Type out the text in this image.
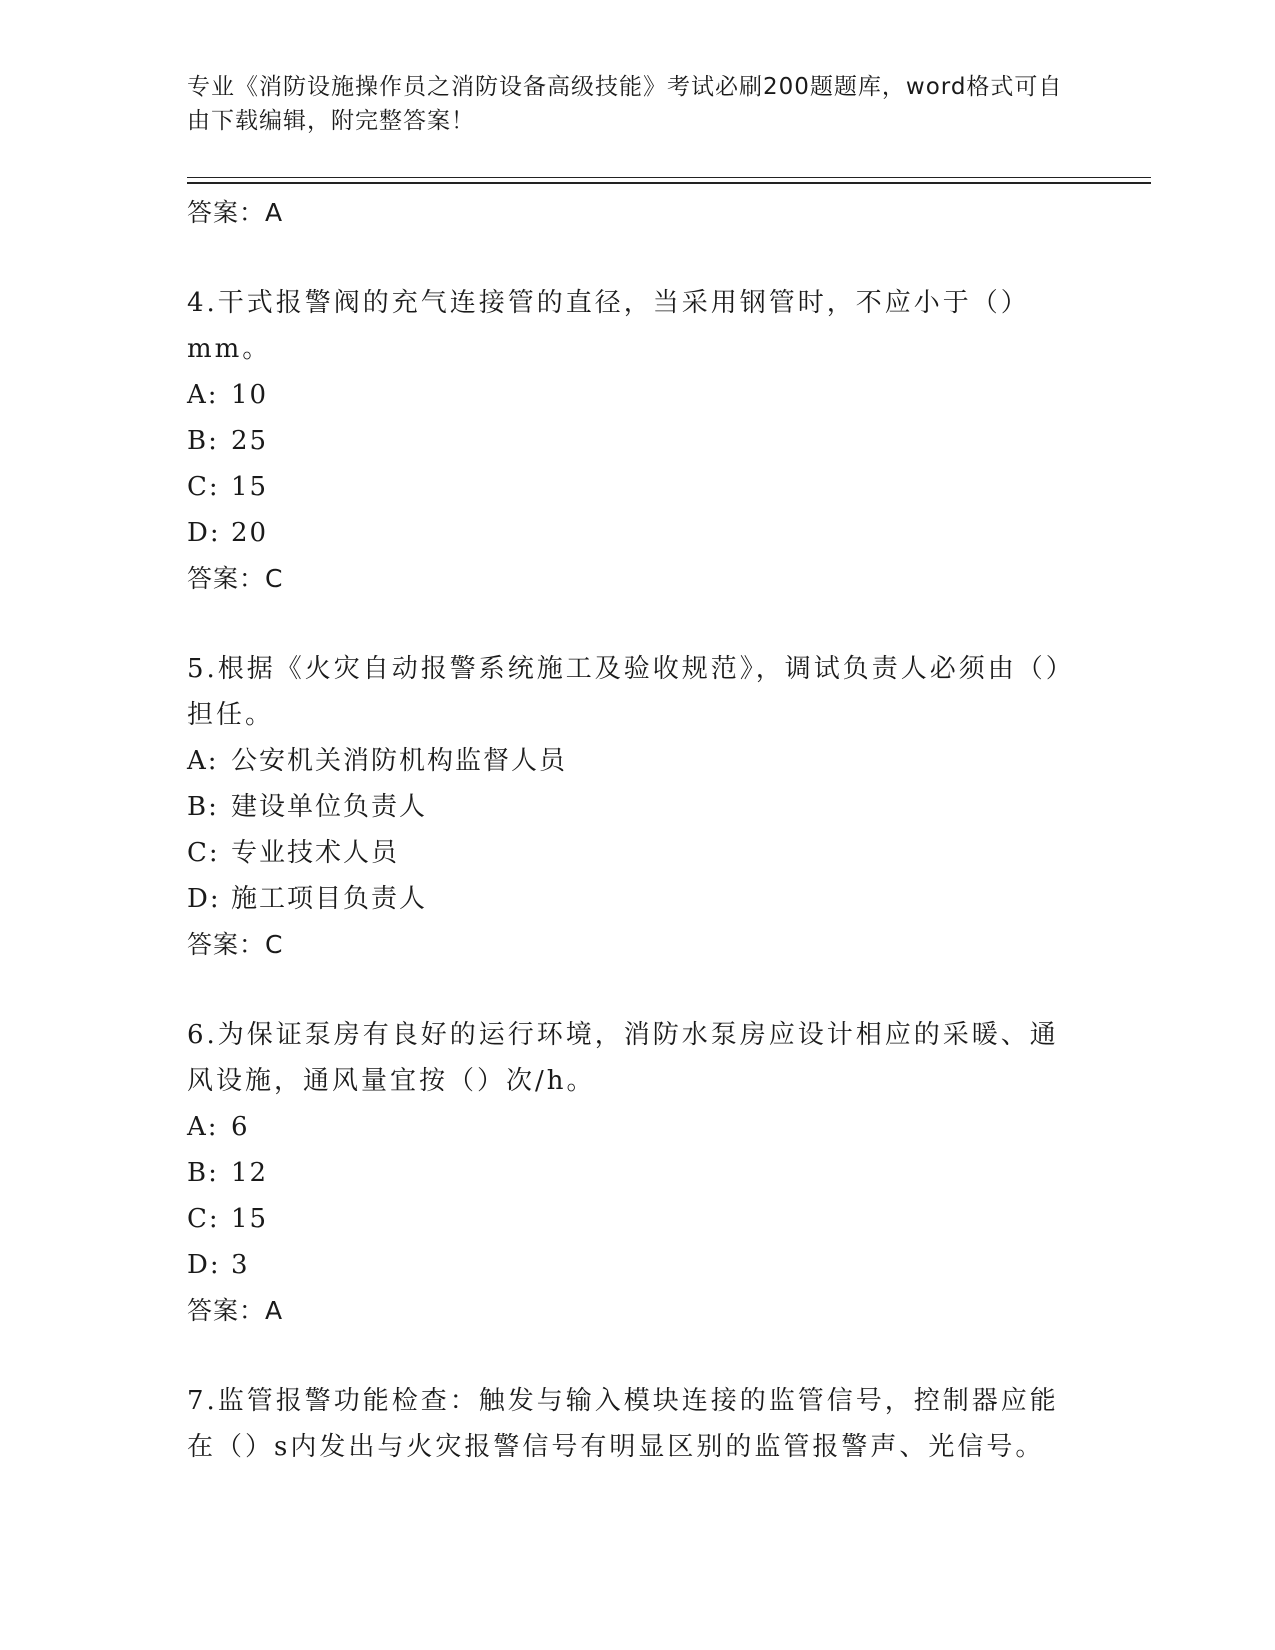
专业《消防设施操作员之消防设备高级技能》考试必刷200题题库，word格式可自由下载编辑，附完整答案！
答案：A
4.干式报警阀的充气连接管的直径，当采用钢管时，不应小于（）mm。
A: 10
B: 25
C: 15
D: 20
答案：C
5.根据《火灾自动报警系统施工及验收规范》，调试负责人必须由（）担任。
A: 公安机关消防机构监督人员
B: 建设单位负责人
C: 专业技术人员
D: 施工项目负责人
答案：C
6.为保证泵房有良好的运行环境，消防水泵房应设计相应的采暖、通风设施，通风量宜按（）次/h。
A: 6
B: 12
C: 15
D: 3
答案：A
7.监管报警功能检查：触发与输入模块连接的监管信号，控制器应能在（）s内发出与火灾报警信号有明显区别的监管报警声、光信号。
